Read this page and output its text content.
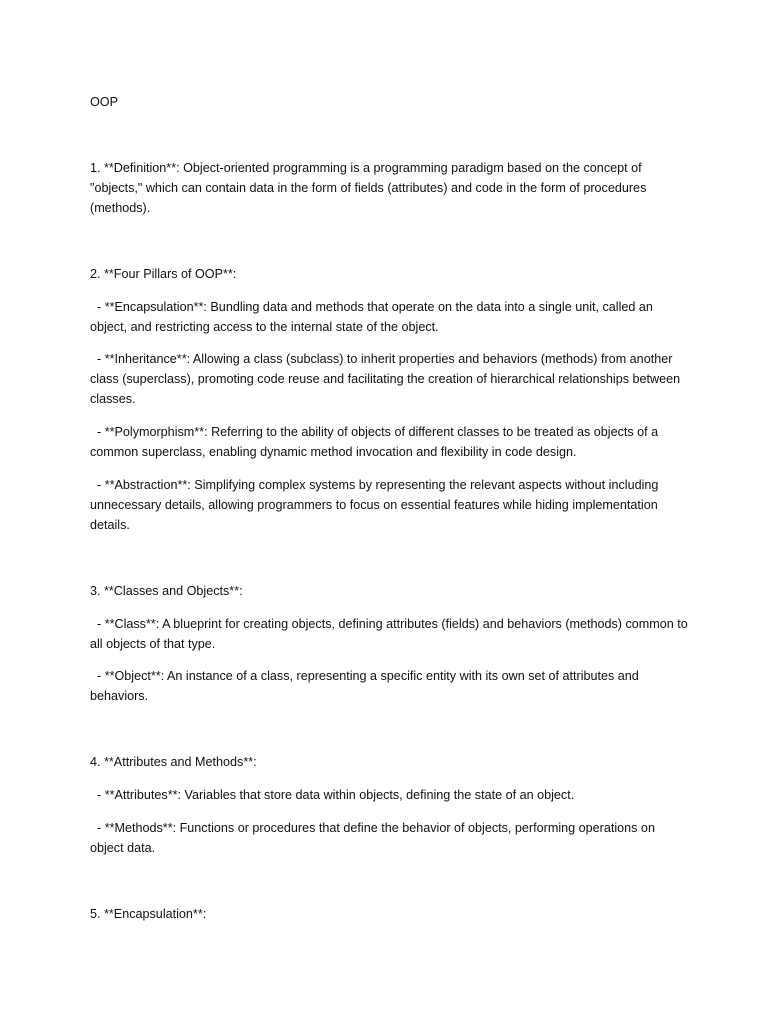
OOP

1. **Definition**: Object-oriented programming is a programming paradigm based on the concept of "objects," which can contain data in the form of fields (attributes) and code in the form of procedures (methods).

2. **Four Pillars of OOP**:

- **Encapsulation**: Bundling data and methods that operate on the data into a single unit, called an object, and restricting access to the internal state of the object.

- **Inheritance**: Allowing a class (subclass) to inherit properties and behaviors (methods) from another class (superclass), promoting code reuse and facilitating the creation of hierarchical relationships between classes.

- **Polymorphism**: Referring to the ability of objects of different classes to be treated as objects of a common superclass, enabling dynamic method invocation and flexibility in code design.

- **Abstraction**: Simplifying complex systems by representing the relevant aspects without including unnecessary details, allowing programmers to focus on essential features while hiding implementation details.

3. **Classes and Objects**:

- **Class**: A blueprint for creating objects, defining attributes (fields) and behaviors (methods) common to all objects of that type.

- **Object**: An instance of a class, representing a specific entity with its own set of attributes and behaviors.

4. **Attributes and Methods**:

- **Attributes**: Variables that store data within objects, defining the state of an object.

- **Methods**: Functions or procedures that define the behavior of objects, performing operations on object data.

5. **Encapsulation**:
